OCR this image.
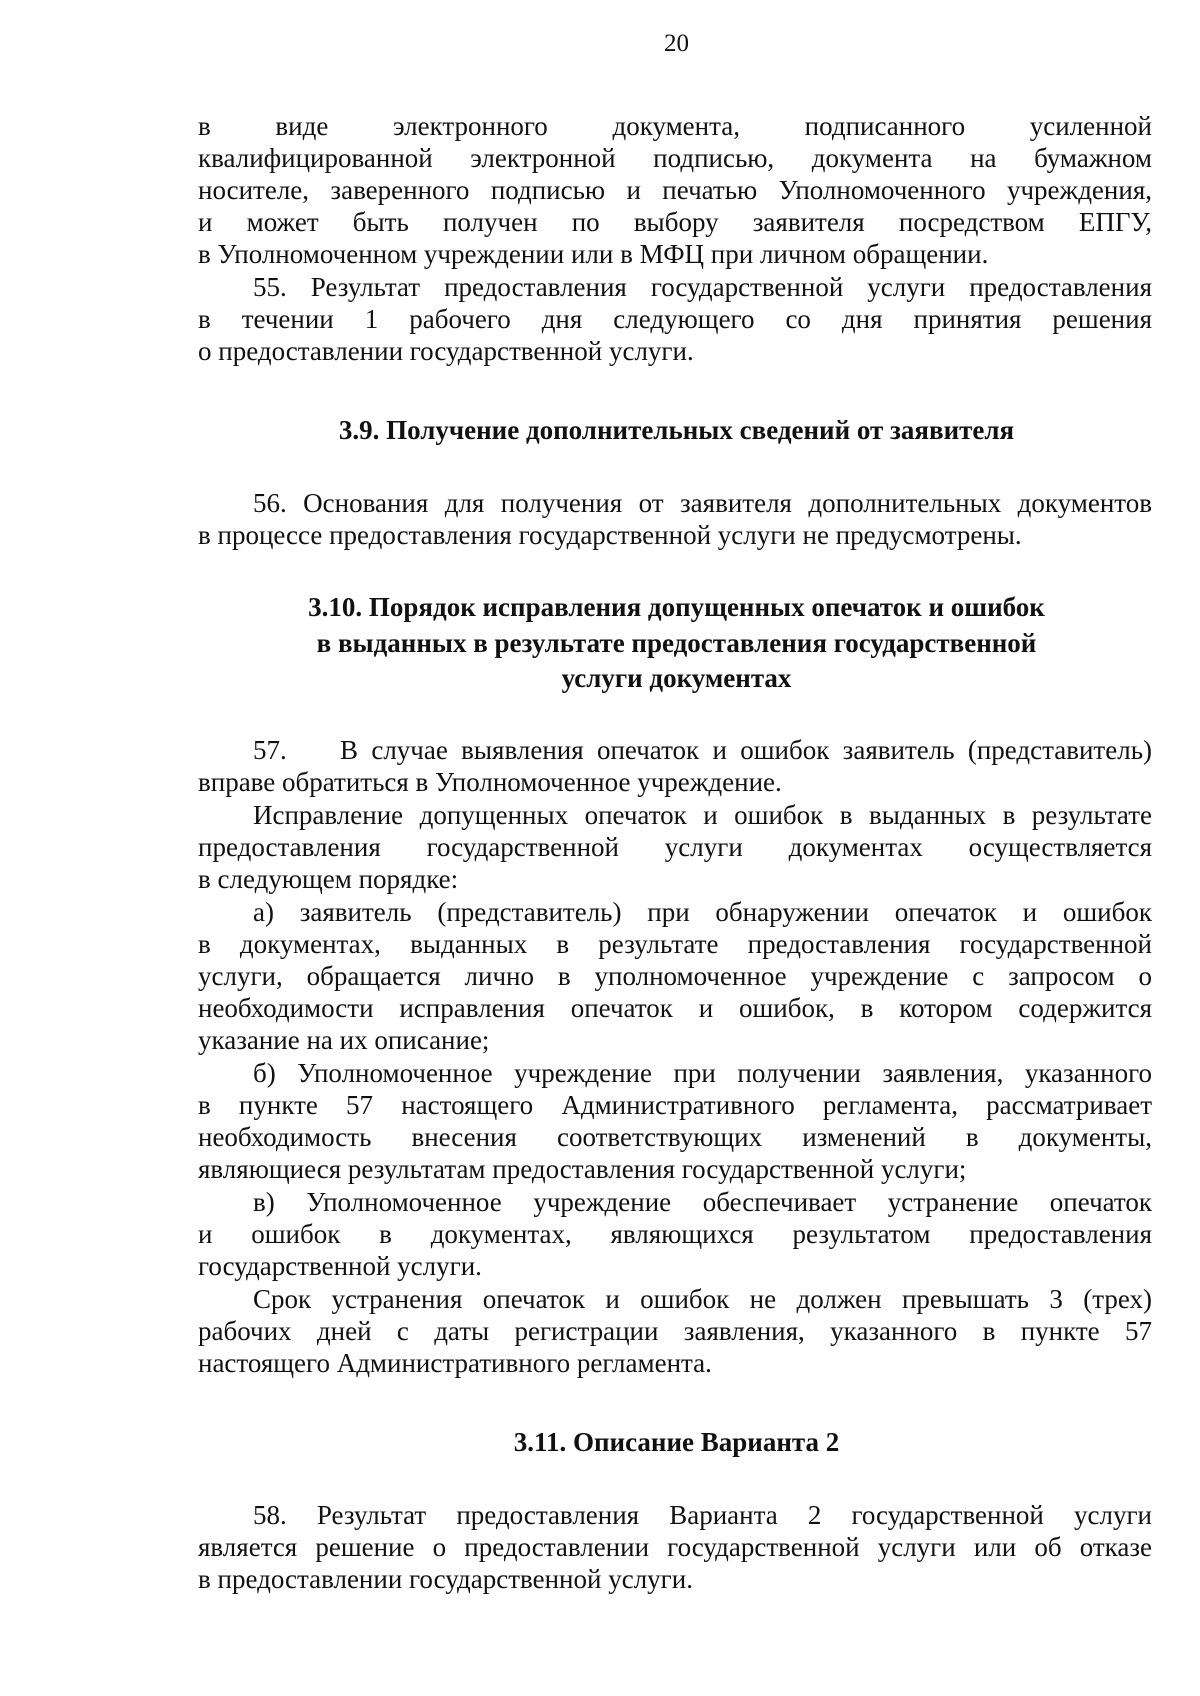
20
в виде электронного документа, подписанного усиленной
квалифицированной электронной подписью, документа на бумажном
носителе, заверенного подписью и печатью Уполномоченного учреждения,
и может быть получен по выбору заявителя посредством ЕПГУ,
в Уполномоченном учреждении или в МФЦ при личном обращении.
55. Результат предоставления государственной услуги предоставления
в течении 1 рабочего дня следующего со дня принятия решения
о предоставлении государственной услуги.
3.9. Получение дополнительных сведений от заявителя
56. Основания для получения от заявителя дополнительных документов
в процессе предоставления государственной услуги не предусмотрены.
3.10. Порядок исправления допущенных опечаток и ошибок
в выданных в результате предоставления государственной
услуги документах
57. В случае выявления опечаток и ошибок заявитель (представитель)
вправе обратиться в Уполномоченное учреждение.
Исправление допущенных опечаток и ошибок в выданных в результате
предоставления государственной услуги документах осуществляется
в следующем порядке:
а) заявитель (представитель) при обнаружении опечаток и ошибок
в документах, выданных в результате предоставления государственной
услуги, обращается лично в уполномоченное учреждение с запросом о
необходимости исправления опечаток и ошибок, в котором содержится
указание на их описание;
б) Уполномоченное учреждение при получении заявления, указанного
в пункте 57 настоящего Административного регламента, рассматривает
необходимость внесения соответствующих изменений в документы,
являющиеся результатам предоставления государственной услуги;
в) Уполномоченное учреждение обеспечивает устранение опечаток
и ошибок в документах, являющихся результатом предоставления
государственной услуги.
Срок устранения опечаток и ошибок не должен превышать 3 (трех)
рабочих дней с даты регистрации заявления, указанного в пункте 57
настоящего Административного регламента.
3.11. Описание Варианта 2
58. Результат предоставления Варианта 2 государственной услуги
является решение о предоставлении государственной услуги или об отказе
в предоставлении государственной услуги.
